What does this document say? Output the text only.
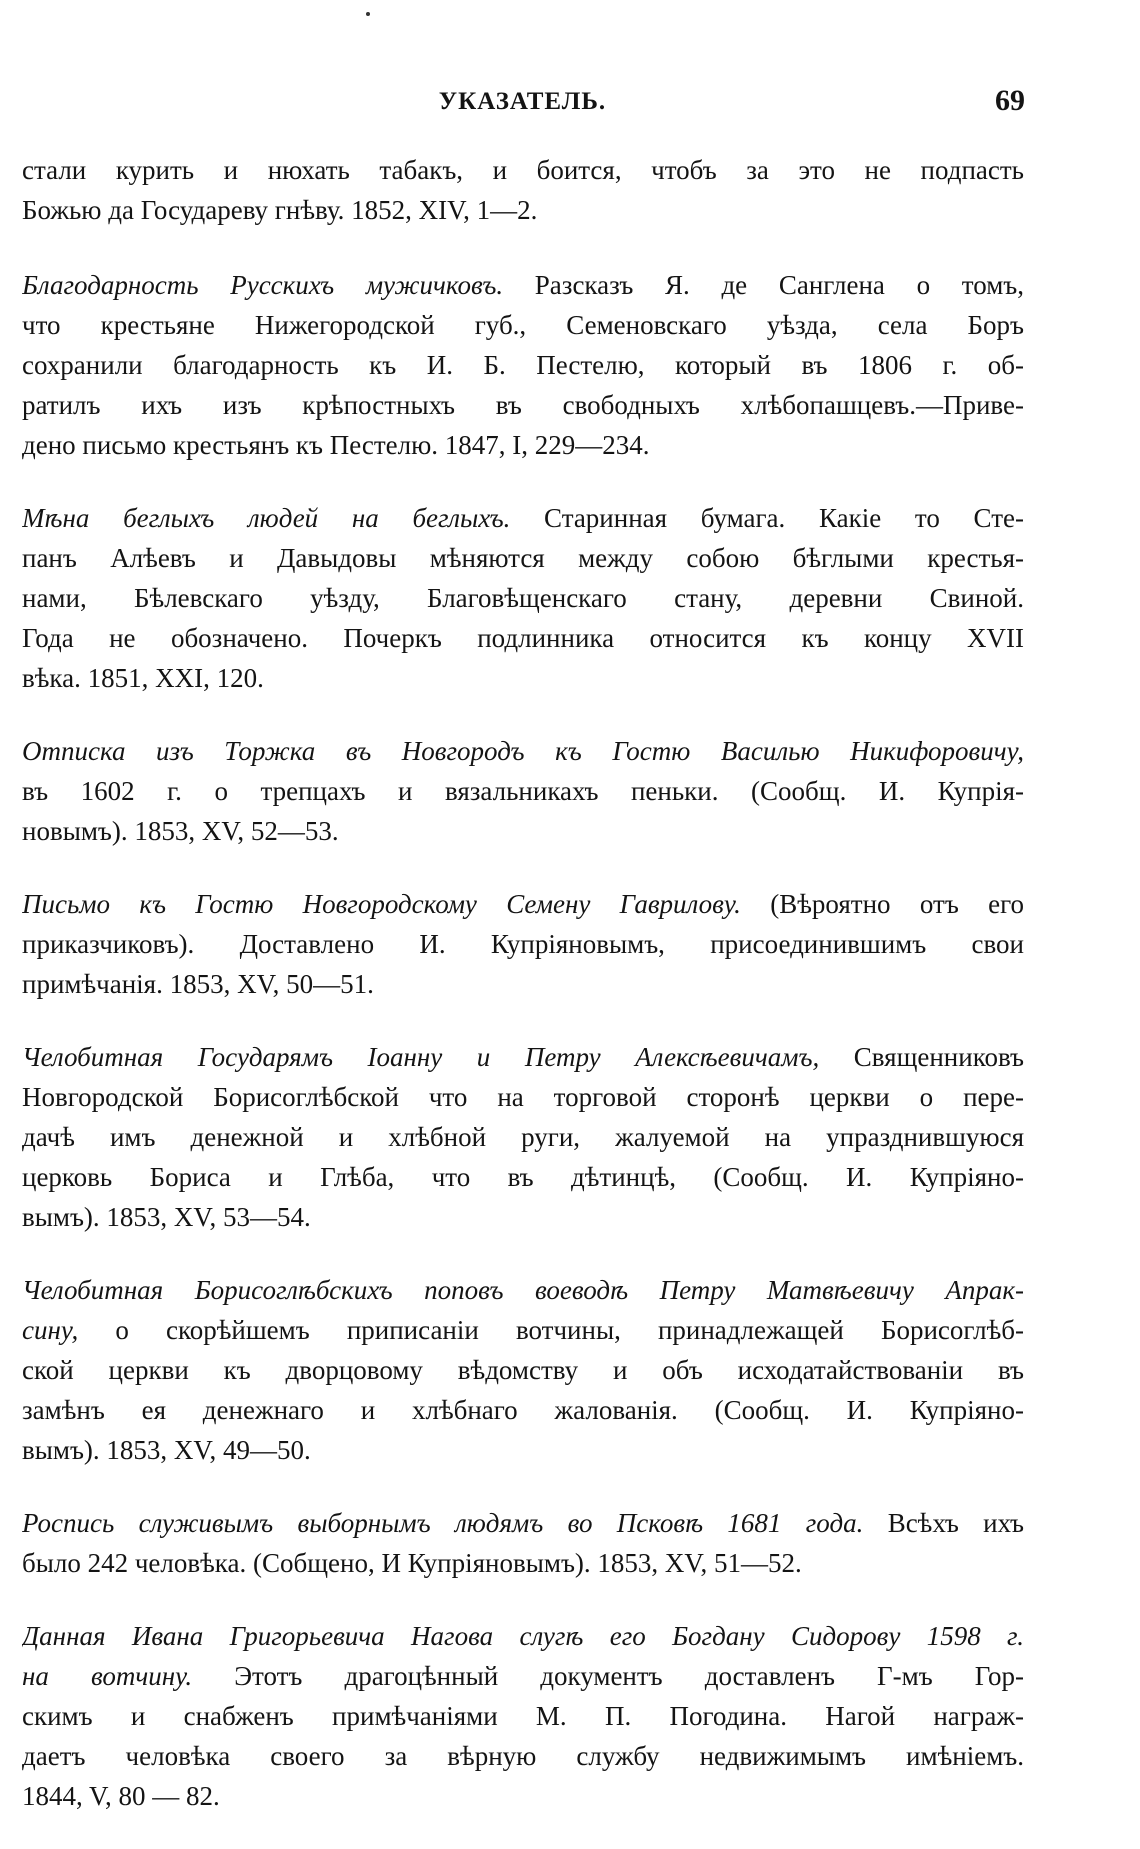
УКАЗАТЕЛЬ.	69
стали курить и нюхать табакъ, и боится, чтобъ за это не подпасть
Божью да Государеву гнѣву. 1852, XIV, 1—2.
Благодарность Русскихъ мужичковъ. Разсказъ Я. де Санглена о томъ,
что крестьяне Нижегородской губ., Семеновскаго уѣзда, села Боръ
сохранили благодарность къ И. Б. Пестелю, который въ 1806 г. об-
ратилъ ихъ изъ крѣпостныхъ въ свободныхъ хлѣбопашцевъ.—Приве-
дено письмо крестьянъ къ Пестелю. 1847, I, 229—234.
Мѣна беглыхъ людей на беглыхъ. Старинная бумага. Какіе то Сте-
панъ Алѣевъ и Давыдовы мѣняются между собою бѣглыми крестья-
нами, Бѣлевскаго уѣзду, Благовѣщенскаго стану, деревни Свиной.
Года не обозначено. Почеркъ подлинника относится къ концу XVII
вѣка. 1851, XXI, 120.
Отписка изъ Торжка въ Новгородъ къ Гостю Василью Никифоровичу,
въ 1602 г. о трепцахъ и вязальникахъ пеньки. (Сообщ. И. Купрія-
новымъ). 1853, XV, 52—53.
Письмо къ Гостю Новгородскому Семену Гаврилову. (Вѣроятно отъ его
приказчиковъ). Доставлено И. Купріяновымъ, присоединившимъ свои
примѣчанія. 1853, XV, 50—51.
Челобитная Государямъ Іоанну и Петру Алексѣевичамъ, Священниковъ
Новгородской Борисоглѣбской что на торговой сторонѣ церкви о пере-
дачѣ имъ денежной и хлѣбной руги, жалуемой на упразднившуюся
церковь Бориса и Глѣба, что въ дѣтинцѣ, (Сообщ. И. Купріяно-
вымъ). 1853, XV, 53—54.
Челобитная Борисоглѣбскихъ поповъ воеводѣ Петру Матвѣевичу Апрак-
сину, о скорѣйшемъ приписаніи вотчины, принадлежащей Борисоглѣб-
ской церкви къ дворцовому вѣдомству и объ исходатайствованіи въ
замѣнъ ея денежнаго и хлѣбнаго жалованія. (Сообщ. И. Купріяно-
вымъ). 1853, XV, 49—50.
Роспись служивымъ выборнымъ людямъ во Псковѣ 1681 года. Всѣхъ ихъ
было 242 человѣка. (Собщено, И Купріяновымъ). 1853, XV, 51—52.
Данная Ивана Григорьевича Нагова слугѣ его Богдану Сидорову 1598 г.
на вотчину. Этотъ драгоцѣнный документъ доставленъ Г-мъ Гор-
скимъ и снабженъ примѣчаніями М. П. Погодина. Нагой награж-
даетъ человѣка своего за вѣрную службу недвижимымъ имѣніемъ.
1844, V, 80 — 82.
